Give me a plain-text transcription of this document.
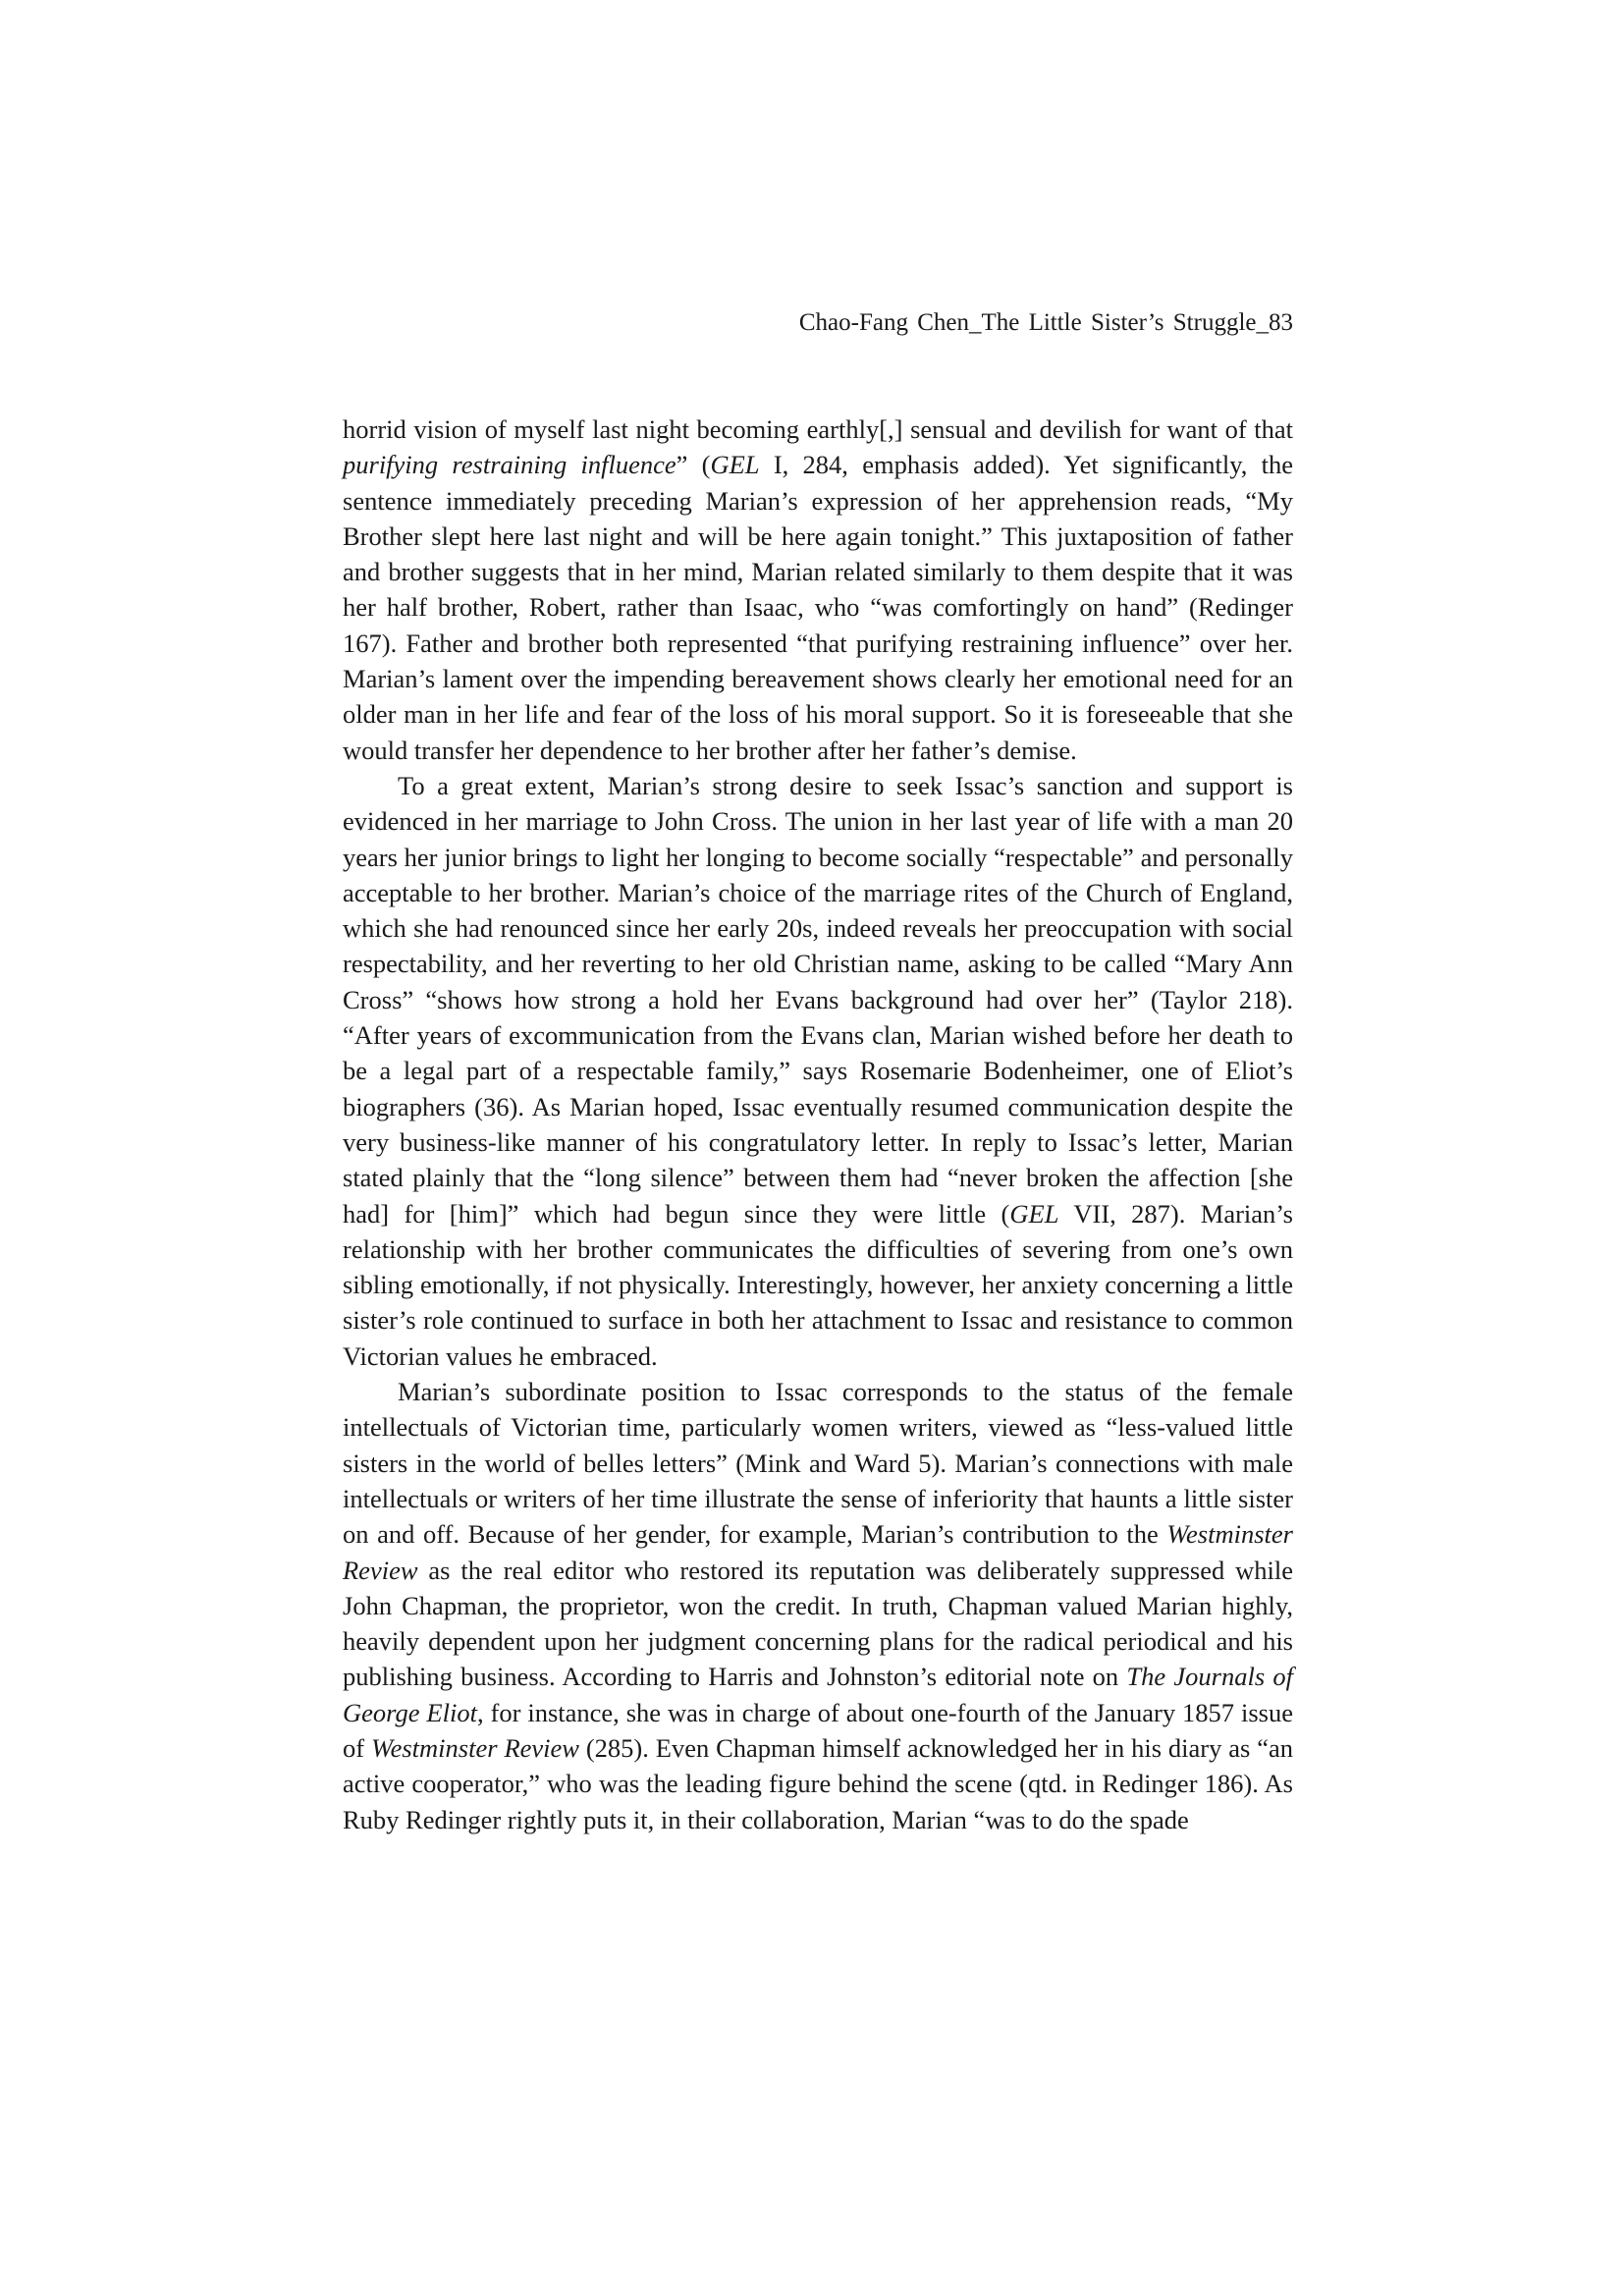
Chao-Fang Chen_The Little Sister’s Struggle_83

horrid vision of myself last night becoming earthly[,] sensual and devilish for want of that purifying restraining influence” (GEL I, 284, emphasis added). Yet significantly, the sentence immediately preceding Marian’s expression of her apprehension reads, “My Brother slept here last night and will be here again tonight.” This juxtaposition of father and brother suggests that in her mind, Marian related similarly to them despite that it was her half brother, Robert, rather than Isaac, who “was comfortingly on hand” (Redinger 167). Father and brother both represented “that purifying restraining influence” over her. Marian’s lament over the impending bereavement shows clearly her emotional need for an older man in her life and fear of the loss of his moral support. So it is foreseeable that she would transfer her dependence to her brother after her father’s demise.

To a great extent, Marian’s strong desire to seek Issac’s sanction and support is evidenced in her marriage to John Cross. The union in her last year of life with a man 20 years her junior brings to light her longing to become socially “respectable” and personally acceptable to her brother. Marian’s choice of the marriage rites of the Church of England, which she had renounced since her early 20s, indeed reveals her preoccupation with social respectability, and her reverting to her old Christian name, asking to be called “Mary Ann Cross” “shows how strong a hold her Evans background had over her” (Taylor 218). “After years of excommunication from the Evans clan, Marian wished before her death to be a legal part of a respectable family,” says Rosemarie Bodenheimer, one of Eliot’s biographers (36). As Marian hoped, Issac eventually resumed communication despite the very business-like manner of his congratulatory letter. In reply to Issac’s letter, Marian stated plainly that the “long silence” between them had “never broken the affection [she had] for [him]” which had begun since they were little (GEL VII, 287). Marian’s relationship with her brother communicates the difficulties of severing from one’s own sibling emotionally, if not physically. Interestingly, however, her anxiety concerning a little sister’s role continued to surface in both her attachment to Issac and resistance to common Victorian values he embraced.

Marian’s subordinate position to Issac corresponds to the status of the female intellectuals of Victorian time, particularly women writers, viewed as “less-valued little sisters in the world of belles letters” (Mink and Ward 5). Marian’s connections with male intellectuals or writers of her time illustrate the sense of inferiority that haunts a little sister on and off. Because of her gender, for example, Marian’s contribution to the Westminster Review as the real editor who restored its reputation was deliberately suppressed while John Chapman, the proprietor, won the credit. In truth, Chapman valued Marian highly, heavily dependent upon her judgment concerning plans for the radical periodical and his publishing business. According to Harris and Johnston’s editorial note on The Journals of George Eliot, for instance, she was in charge of about one-fourth of the January 1857 issue of Westminster Review (285). Even Chapman himself acknowledged her in his diary as “an active cooperator,” who was the leading figure behind the scene (qtd. in Redinger 186). As Ruby Redinger rightly puts it, in their collaboration, Marian “was to do the spade
